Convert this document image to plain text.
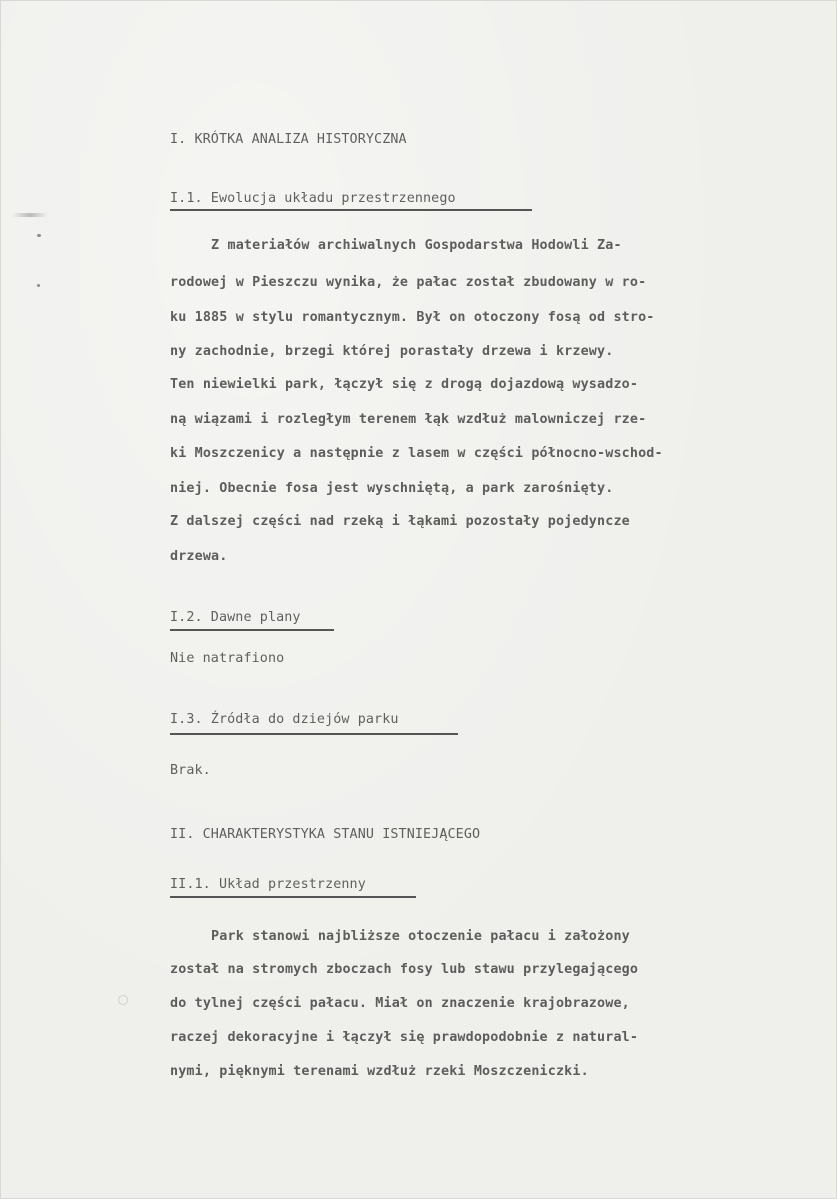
I. KRÓTKA ANALIZA HISTORYCZNA

I.1. Ewolucja układu przestrzennego

Z materiałów archiwalnych Gospodarstwa Hodowli Za-

rodowej w Pieszczu wynika, że pałac został zbudowany w ro-

ku 1885 w stylu romantycznym. Był on otoczony fosą od stro-

ny zachodnie, brzegi której porastały drzewa i krzewy.

Ten niewielki park, łączył się z drogą dojazdową wysadzo-

ną wiązami i rozległym terenem łąk wzdłuż malowniczej rze-

ki Moszczenicy a następnie z lasem w części północno-wschod-

niej. Obecnie fosa jest wyschniętą, a park zarośnięty.

Z dalszej części nad rzeką i łąkami pozostały pojedyncze

drzewa.

I.2. Dawne plany

Nie natrafiono

I.3. Źródła do dziejów parku

Brak.

II. CHARAKTERYSTYKA STANU ISTNIEJĄCEGO

II.1. Układ przestrzenny

Park stanowi najbliższe otoczenie pałacu i założony

został na stromych zboczach fosy lub stawu przylegającego

do tylnej części pałacu. Miał on znaczenie krajobrazowe,

raczej dekoracyjne i łączył się prawdopodobnie z natural-

nymi, pięknymi terenami wzdłuż rzeki Moszczeniczki.
